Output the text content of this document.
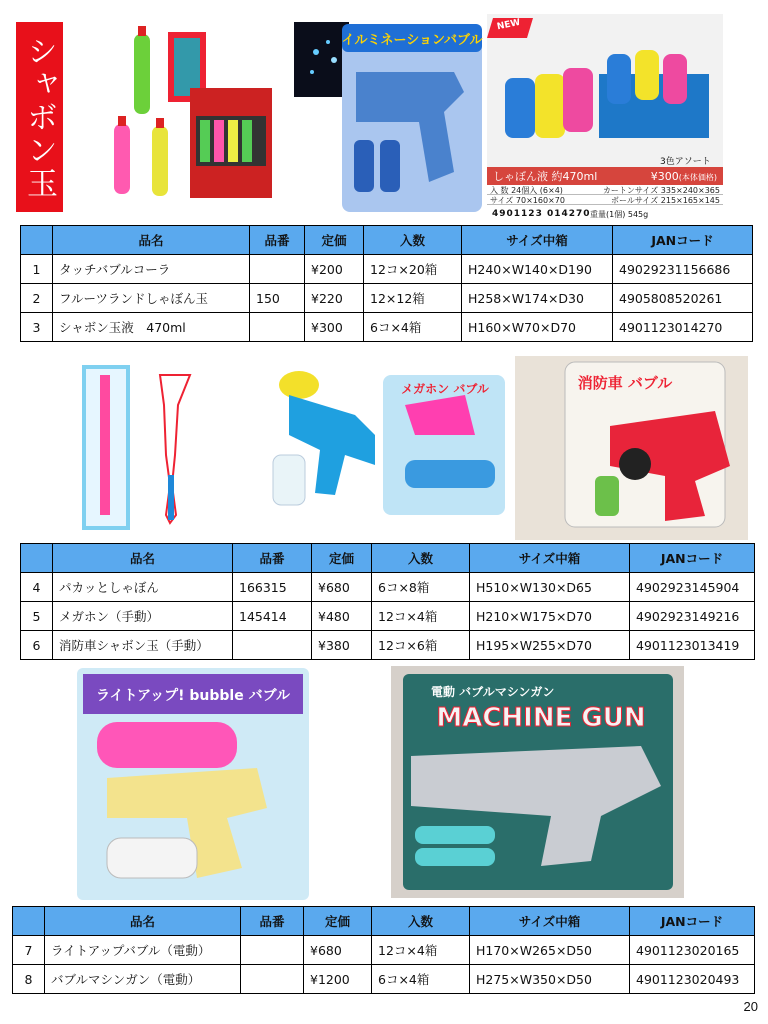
シャボン玉	イルミネーションバブル
3色アソート
しゃぼん液 約470ml	¥300(本体価格)
入 数 24個入 (6×4)	カートンサイズ 335×240×365
サイズ 70×160×70	ボールサイズ 215×165×145
4901123 014270 重量(1個) 545g
NEW
	品名	品番	定価	入数	サイズ中箱	JANコード
1	タッチバブルコーラ		¥200	12コ×20箱	H240×W140×D190	49029231156686
2	フルーツランドしゃぼん玉	150	¥220	12×12箱	H258×W174×D30	4905808520261
3	シャボン玉液　470ml		¥300	6コ×4箱	H160×W70×D70	4901123014270
メガホン バブル	消防車 バブル
	品名	品番	定価	入数	サイズ中箱	JANコード
4	パカッとしゃぼん	166315	¥680	6コ×8箱	H510×W130×D65	4902923145904
5	メガホン（手動）	145414	¥480	12コ×4箱	H210×W175×D70	4902923149216
6	消防車シャボン玉（手動）		¥380	12コ×6箱	H195×W255×D70	4901123013419
ライトアップ! bubble バブル	電動 バブルマシンガン
MACHINE GUN
	品名	品番	定価	入数	サイズ中箱	JANコード
7	ライトアップバブル（電動）		¥680	12コ×4箱	H170×W265×D50	4901123020165
8	バブルマシンガン（電動）		¥1200	6コ×4箱	H275×W350×D50	4901123020493
20
